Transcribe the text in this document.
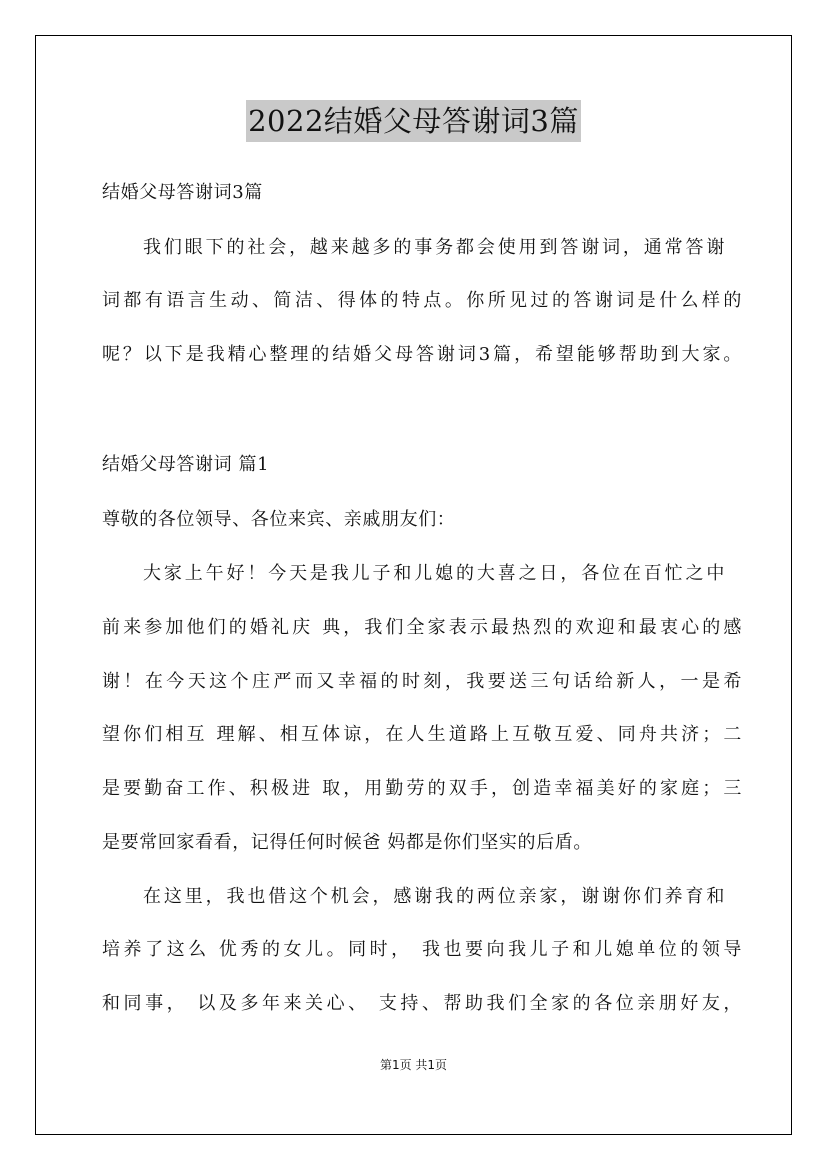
2022结婚父母答谢词3篇
结婚父母答谢词3篇
我们眼下的社会，越来越多的事务都会使用到答谢词，通常答谢
词都有语言生动、简洁、得体的特点。你所见过的答谢词是什么样的
呢？以下是我精心整理的结婚父母答谢词3篇，希望能够帮助到大家。
结婚父母答谢词 篇1
尊敬的各位领导、各位来宾、亲戚朋友们：
大家上午好！今天是我儿子和儿媳的大喜之日，各位在百忙之中
前来参加他们的婚礼庆 典，我们全家表示最热烈的欢迎和最衷心的感
谢！在今天这个庄严而又幸福的时刻，我要送三句话给新人，一是希
望你们相互 理解、相互体谅，在人生道路上互敬互爱、同舟共济；二
是要勤奋工作、积极进 取，用勤劳的双手，创造幸福美好的家庭；三
是要常回家看看，记得任何时候爸 妈都是你们坚实的后盾。
在这里，我也借这个机会，感谢我的两位亲家，谢谢你们养育和
培养了这么 优秀的女儿。同时， 我也要向我儿子和儿媳单位的领导
和同事， 以及多年来关心、 支持、帮助我们全家的各位亲朋好友，
第1页 共1页
